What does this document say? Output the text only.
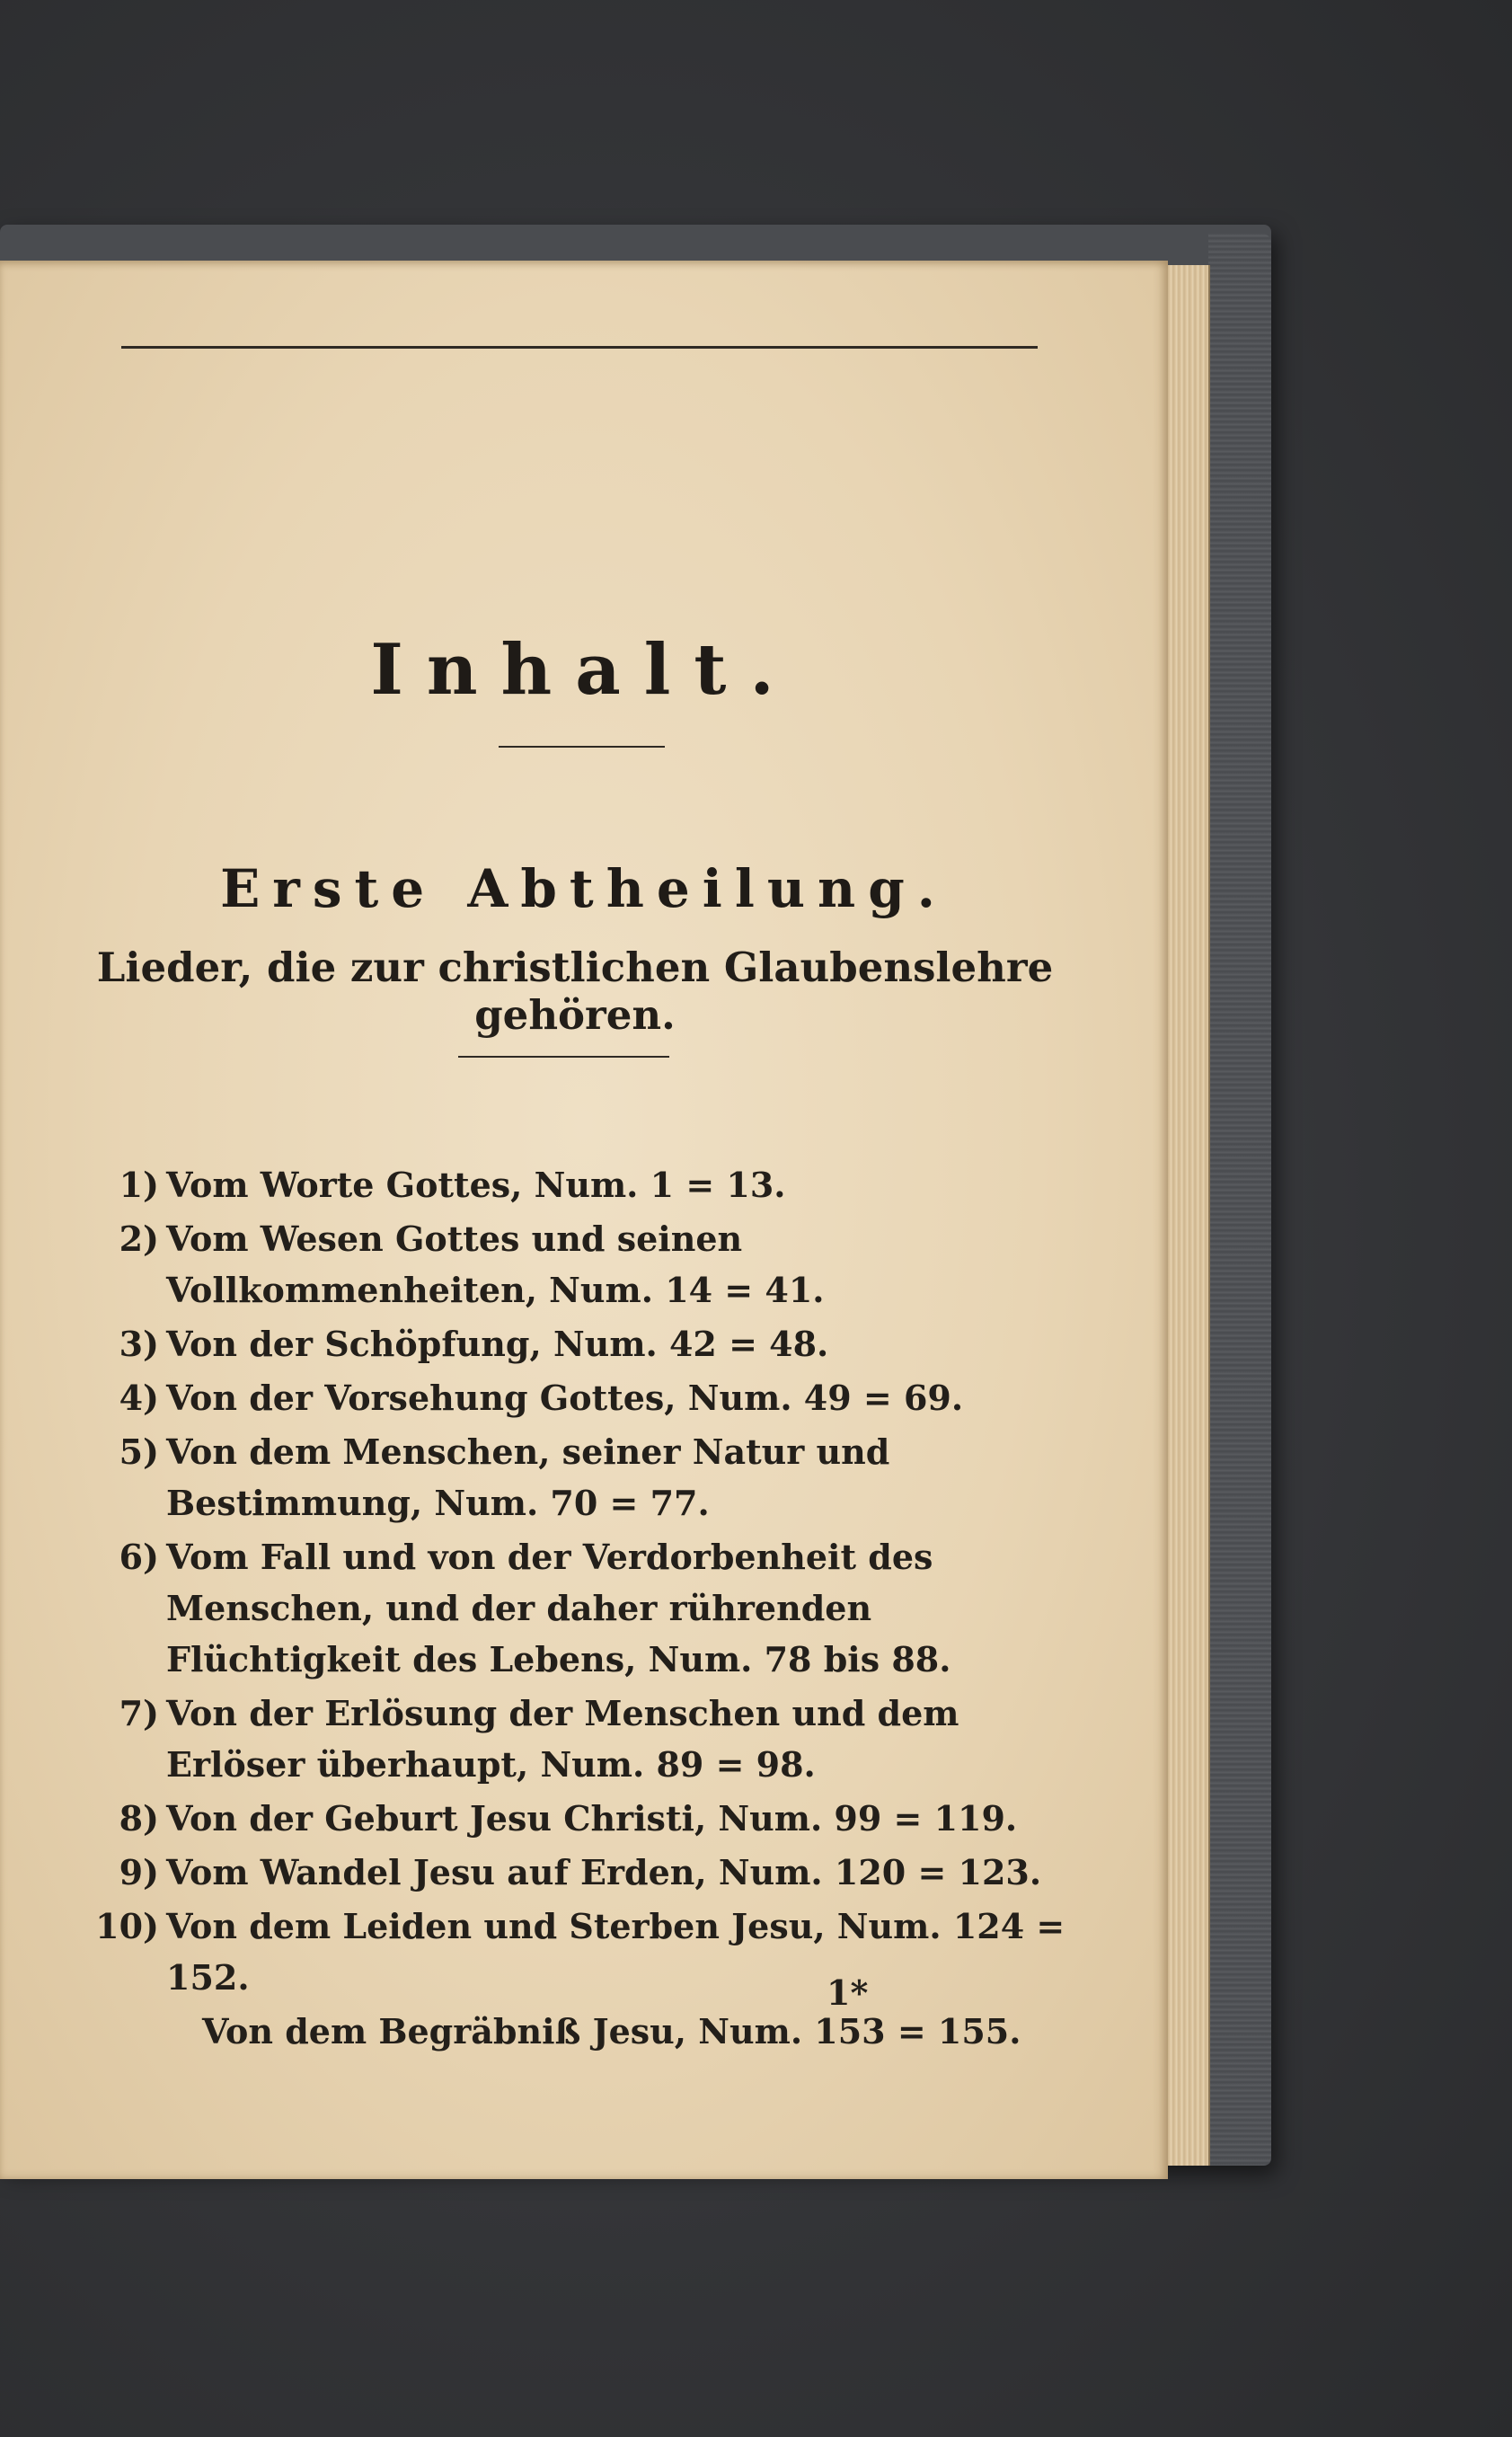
Inhalt.
Erste Abtheilung.
Lieder, die zur christlichen Glaubenslehre gehören.
1) Vom Worte Gottes, Num. 1 = 13.
2) Vom Wesen Gottes und seinen Vollkommenheiten, Num. 14 = 41.
3) Von der Schöpfung, Num. 42 = 48.
4) Von der Vorsehung Gottes, Num. 49 = 69.
5) Von dem Menschen, seiner Natur und Bestimmung, Num. 70 = 77.
6) Vom Fall und von der Verdorbenheit des Menschen, und der daher rührenden Flüchtigkeit des Lebens, Num. 78 bis 88.
7) Von der Erlösung der Menschen und dem Erlöser überhaupt, Num. 89 = 98.
8) Von der Geburt Jesu Christi, Num. 99 = 119.
9) Vom Wandel Jesu auf Erden, Num. 120 = 123.
10) Von dem Leiden und Sterben Jesu, Num. 124 = 152.
Von dem Begräbniß Jesu, Num. 153 = 155.
1*
